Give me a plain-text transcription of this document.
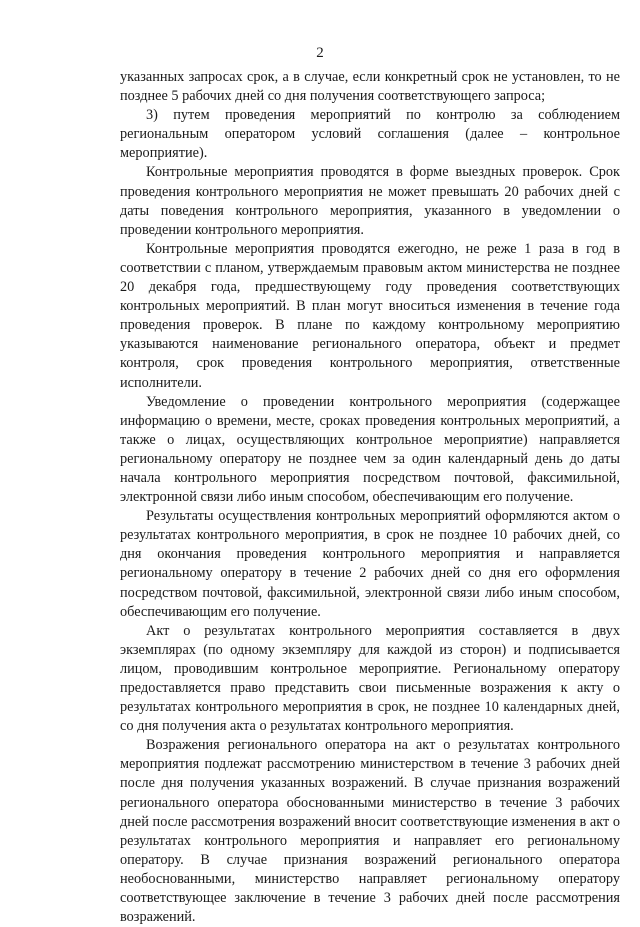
2

указанных запросах срок, а в случае, если конкретный срок не установлен, то не позднее 5 рабочих дней со дня получения соответствующего запроса;

3) путем проведения мероприятий по контролю за соблюдением региональным оператором условий соглашения (далее – контрольное мероприятие).

Контрольные мероприятия проводятся в форме выездных проверок. Срок проведения контрольного мероприятия не может превышать 20 рабочих дней с даты поведения контрольного мероприятия, указанного в уведомлении о проведении контрольного мероприятия.

Контрольные мероприятия проводятся ежегодно, не реже 1 раза в год в соответствии с планом, утверждаемым правовым актом министерства не позднее 20 декабря года, предшествующему году проведения соответствующих контрольных мероприятий. В план могут вноситься изменения в течение года проведения проверок. В плане по каждому контрольному мероприятию указываются наименование регионального оператора, объект и предмет контроля, срок проведения контрольного мероприятия, ответственные исполнители.

Уведомление о проведении контрольного мероприятия (содержащее информацию о времени, месте, сроках проведения контрольных мероприятий, а также о лицах, осуществляющих контрольное мероприятие) направляется региональному оператору не позднее чем за один календарный день до даты начала контрольного мероприятия посредством почтовой, факсимильной, электронной связи либо иным способом, обеспечивающим его получение.

Результаты осуществления контрольных мероприятий оформляются актом о результатах контрольного мероприятия, в срок не позднее 10 рабочих дней, со дня окончания проведения контрольного мероприятия и направляется региональному оператору в течение 2 рабочих дней со дня его оформления посредством почтовой, факсимильной, электронной связи либо иным способом, обеспечивающим его получение.

Акт о результатах контрольного мероприятия составляется в двух экземплярах (по одному экземпляру для каждой из сторон) и подписывается лицом, проводившим контрольное мероприятие. Региональному оператору предоставляется право представить свои письменные возражения к акту о результатах контрольного мероприятия в срок, не позднее 10 календарных дней, со дня получения акта о результатах контрольного мероприятия.

Возражения регионального оператора на акт о результатах контрольного мероприятия подлежат рассмотрению министерством в течение 3 рабочих дней после дня получения указанных возражений. В случае признания возражений регионального оператора обоснованными министерство в течение 3 рабочих дней после рассмотрения возражений вносит соответствующие изменения в акт о результатах контрольного мероприятия и направляет его региональному оператору. В случае признания возражений регионального оператора необоснованными, министерство направляет региональному оператору соответствующее заключение в течение 3 рабочих дней после рассмотрения возражений.
